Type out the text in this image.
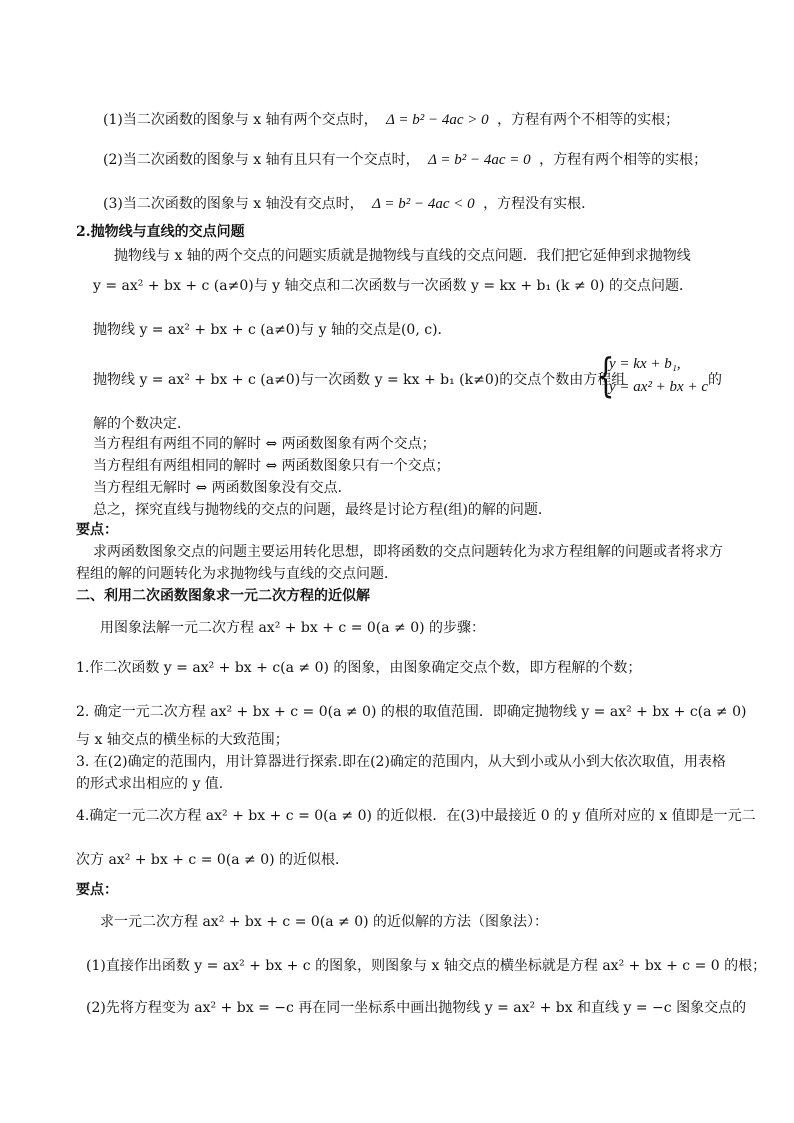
(1)当二次函数的图象与 x 轴有两个交点时， Δ = b² − 4ac > 0 ，方程有两个不相等的实根；
(2)当二次函数的图象与 x 轴有且只有一个交点时， Δ = b² − 4ac = 0 ，方程有两个相等的实根；
(3)当二次函数的图象与 x 轴没有交点时， Δ = b² − 4ac < 0 ，方程没有实根.
2.抛物线与直线的交点问题
抛物线与 x 轴的两个交点的问题实质就是抛物线与直线的交点问题．我们把它延伸到求抛物线
y = ax² + bx + c (a≠0)与 y 轴交点和二次函数与一次函数 y = kx + b₁ (k ≠ 0) 的交点问题．
抛物线 y = ax² + bx + c (a≠0)与 y 轴的交点是(0, c)．
抛物线 y = ax² + bx + c (a≠0)与一次函数 y = kx + b₁ (k≠0)的交点个数由方程组
{
y = kx + b₁,
y = ax² + bx + c 的
解的个数决定．
当方程组有两组不同的解时 ⇔ 两函数图象有两个交点；
当方程组有两组相同的解时 ⇔ 两函数图象只有一个交点；
当方程组无解时 ⇔ 两函数图象没有交点．
总之，探究直线与抛物线的交点的问题，最终是讨论方程(组)的解的问题．
要点：
求两函数图象交点的问题主要运用转化思想，即将函数的交点问题转化为求方程组解的问题或者将求方
程组的解的问题转化为求抛物线与直线的交点问题．
二、利用二次函数图象求一元二次方程的近似解
用图象法解一元二次方程 ax² + bx + c = 0(a ≠ 0) 的步骤：
1.作二次函数 y = ax² + bx + c(a ≠ 0) 的图象，由图象确定交点个数，即方程解的个数；
2. 确定一元二次方程 ax² + bx + c = 0(a ≠ 0) 的根的取值范围．即确定抛物线 y = ax² + bx + c(a ≠ 0)
与 x 轴交点的横坐标的大致范围；
3. 在(2)确定的范围内，用计算器进行探索.即在(2)确定的范围内，从大到小或从小到大依次取值，用表格
的形式求出相应的 y 值.
4.确定一元二次方程 ax² + bx + c = 0(a ≠ 0) 的近似根．在(3)中最接近 0 的 y 值所对应的 x 值即是一元二
次方 ax² + bx + c = 0(a ≠ 0) 的近似根．
要点：
求一元二次方程 ax² + bx + c = 0(a ≠ 0) 的近似解的方法（图象法）：
(1)直接作出函数 y = ax² + bx + c 的图象，则图象与 x 轴交点的横坐标就是方程 ax² + bx + c = 0 的根；
(2)先将方程变为 ax² + bx = −c 再在同一坐标系中画出抛物线 y = ax² + bx 和直线 y = −c 图象交点的
